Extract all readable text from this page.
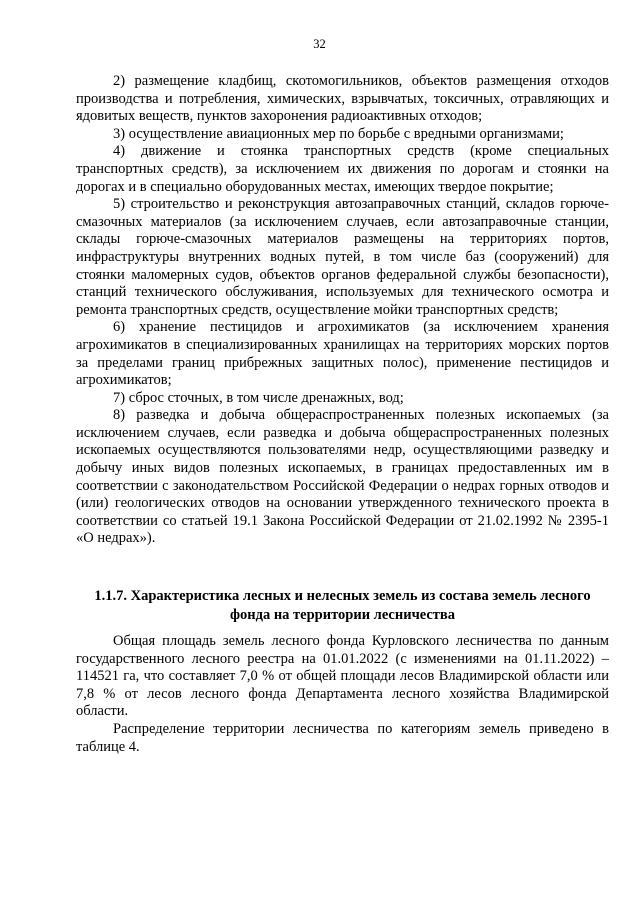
32

2) размещение кладбищ, скотомогильников, объектов размещения отходов производства и потребления, химических, взрывчатых, токсичных, отравляющих и ядовитых веществ, пунктов захоронения радиоактивных отходов;

3) осуществление авиационных мер по борьбе с вредными организмами;

4) движение и стоянка транспортных средств (кроме специальных транспортных средств), за исключением их движения по дорогам и стоянки на дорогах и в специально оборудованных местах, имеющих твердое покрытие;

5) строительство и реконструкция автозаправочных станций, складов горюче-смазочных материалов (за исключением случаев, если автозаправочные станции, склады горюче-смазочных материалов размещены на территориях портов, инфраструктуры внутренних водных путей, в том числе баз (сооружений) для стоянки маломерных судов, объектов органов федеральной службы безопасности), станций технического обслуживания, используемых для технического осмотра и ремонта транспортных средств, осуществление мойки транспортных средств;

6) хранение пестицидов и агрохимикатов (за исключением хранения агрохимикатов в специализированных хранилищах на территориях морских портов за пределами границ прибрежных защитных полос), применение пестицидов и агрохимикатов;

7) сброс сточных, в том числе дренажных, вод;

8) разведка и добыча общераспространенных полезных ископаемых (за исключением случаев, если разведка и добыча общераспространенных полезных ископаемых осуществляются пользователями недр, осуществляющими разведку и добычу иных видов полезных ископаемых, в границах предоставленных им в соответствии с законодательством Российской Федерации о недрах горных отводов и (или) геологических отводов на основании утвержденного технического проекта в соответствии со статьей 19.1 Закона Российской Федерации от 21.02.1992 № 2395-1 «О недрах»).

1.1.7. Характеристика лесных и нелесных земель из состава земель лесного фонда на территории лесничества

Общая площадь земель лесного фонда Курловского лесничества по данным государственного лесного реестра на 01.01.2022 (с изменениями на 01.11.2022) – 114521 га, что составляет 7,0 % от общей площади лесов Владимирской области или 7,8 % от лесов лесного фонда Департамента лесного хозяйства Владимирской области.

Распределение территории лесничества по категориям земель приведено в таблице 4.
